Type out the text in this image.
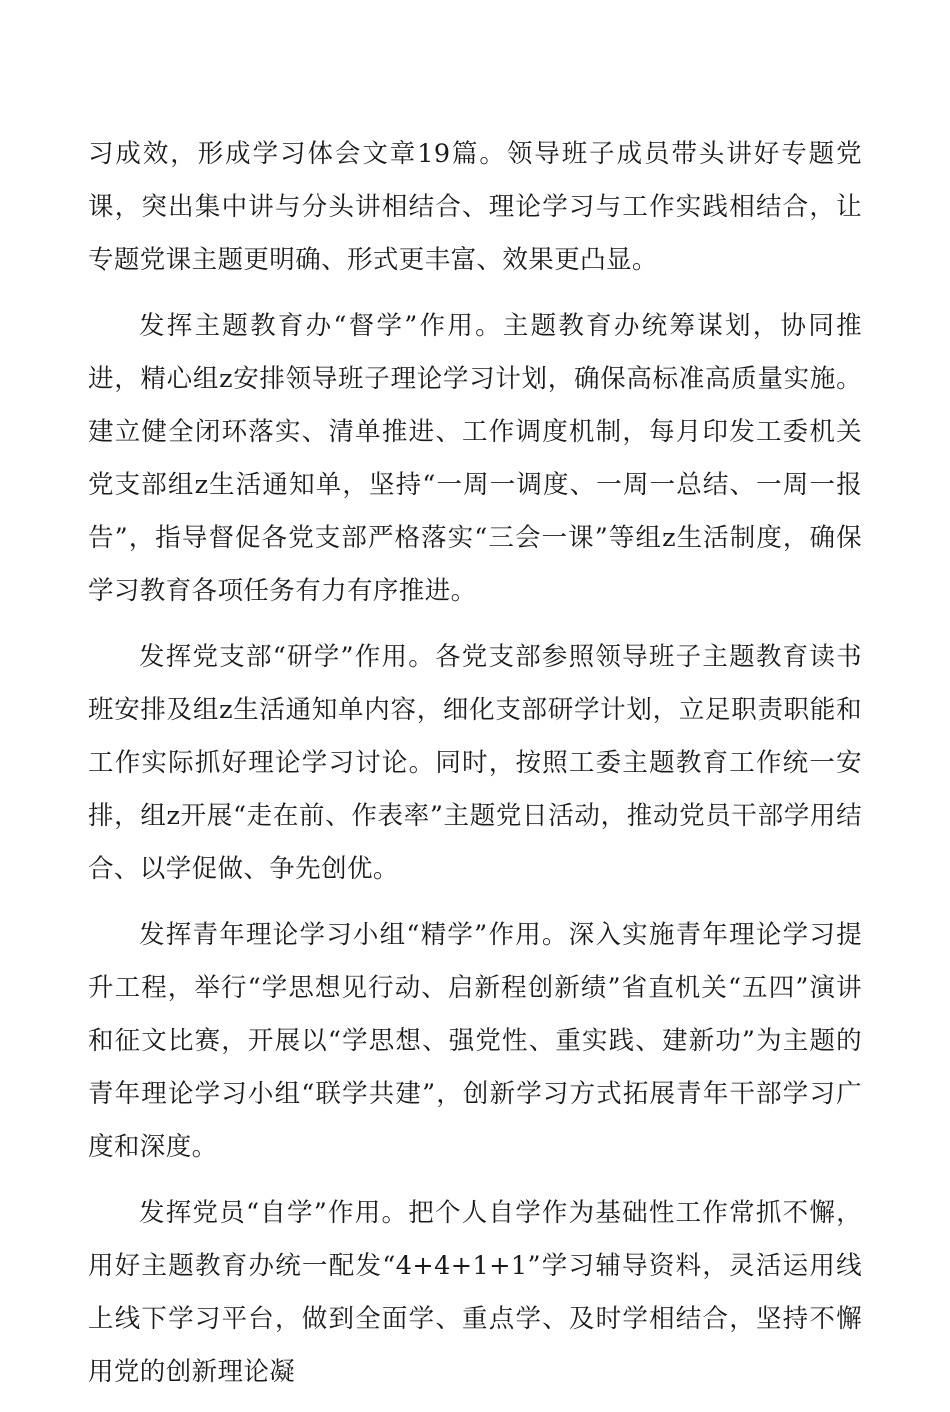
习成效，形成学习体会文章19篇。领导班子成员带头讲好专题党课，突出集中讲与分头讲相结合、理论学习与工作实践相结合，让专题党课主题更明确、形式更丰富、效果更凸显。

发挥主题教育办“督学”作用。主题教育办统筹谋划，协同推进，精心组z安排领导班子理论学习计划，确保高标准高质量实施。建立健全闭环落实、清单推进、工作调度机制，每月印发工委机关党支部组z生活通知单，坚持“一周一调度、一周一总结、一周一报告”，指导督促各党支部严格落实“三会一课”等组z生活制度，确保学习教育各项任务有力有序推进。

发挥党支部“研学”作用。各党支部参照领导班子主题教育读书班安排及组z生活通知单内容，细化支部研学计划，立足职责职能和工作实际抓好理论学习讨论。同时，按照工委主题教育工作统一安排，组z开展“走在前、作表率”主题党日活动，推动党员干部学用结合、以学促做、争先创优。

发挥青年理论学习小组“精学”作用。深入实施青年理论学习提升工程，举行“学思想见行动、启新程创新绩”省直机关“五四”演讲和征文比赛，开展以“学思想、强党性、重实践、建新功”为主题的青年理论学习小组“联学共建”，创新学习方式拓展青年干部学习广度和深度。

发挥党员“自学”作用。把个人自学作为基础性工作常抓不懈，用好主题教育办统一配发“4+4+1+1”学习辅导资料，灵活运用线上线下学习平台，做到全面学、重点学、及时学相结合，坚持不懈用党的创新理论凝
